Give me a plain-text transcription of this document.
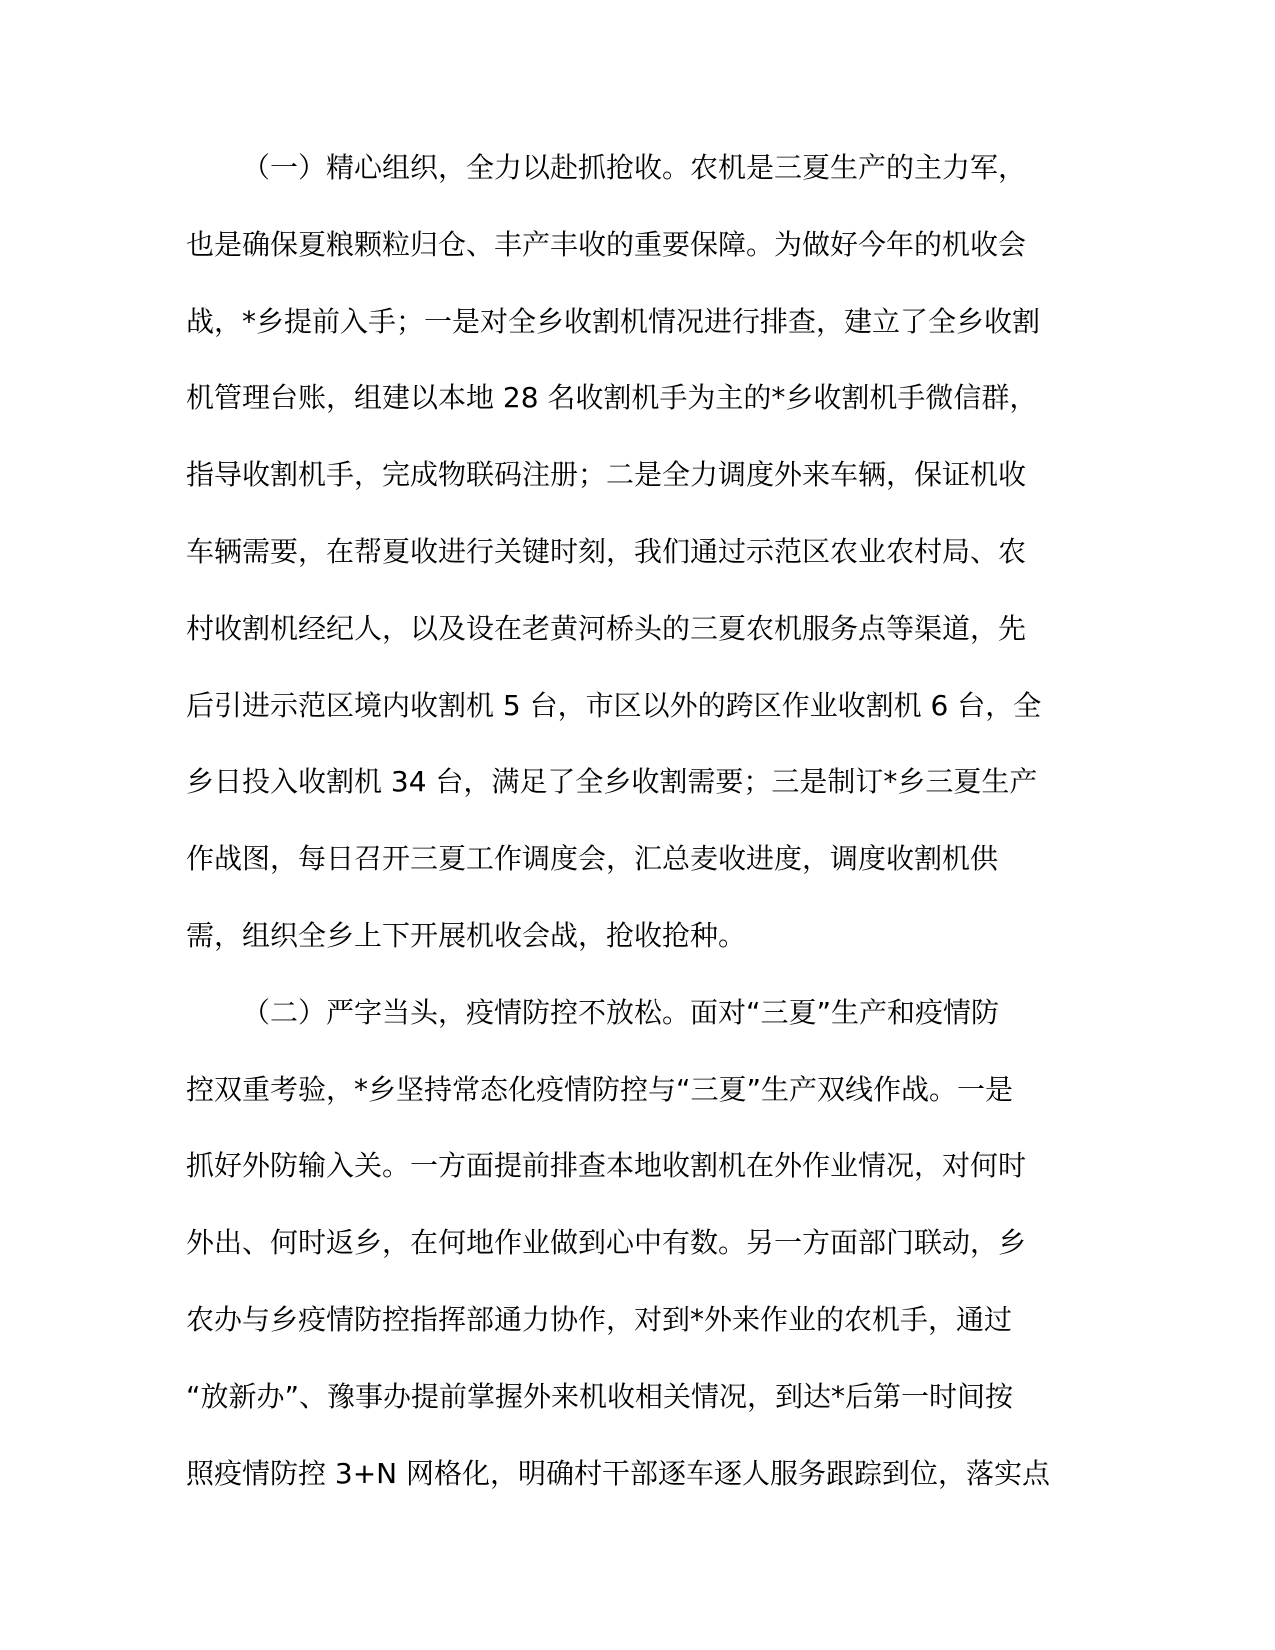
（一）精心组织，全力以赴抓抢收。农机是三夏生产的主力军，
也是确保夏粮颗粒归仓、丰产丰收的重要保障。为做好今年的机收会
战，*乡提前入手；一是对全乡收割机情况进行排查，建立了全乡收割
机管理台账，组建以本地 28 名收割机手为主的*乡收割机手微信群，
指导收割机手，完成物联码注册；二是全力调度外来车辆，保证机收
车辆需要，在帮夏收进行关键时刻，我们通过示范区农业农村局、农
村收割机经纪人，以及设在老黄河桥头的三夏农机服务点等渠道，先
后引进示范区境内收割机 5 台，市区以外的跨区作业收割机 6 台，全
乡日投入收割机 34 台，满足了全乡收割需要；三是制订*乡三夏生产
作战图，每日召开三夏工作调度会，汇总麦收进度，调度收割机供
需，组织全乡上下开展机收会战，抢收抢种。
（二）严字当头，疫情防控不放松。面对“三夏”生产和疫情防
控双重考验，*乡坚持常态化疫情防控与“三夏”生产双线作战。一是
抓好外防输入关。一方面提前排查本地收割机在外作业情况，对何时
外出、何时返乡，在何地作业做到心中有数。另一方面部门联动，乡
农办与乡疫情防控指挥部通力协作，对到*外来作业的农机手，通过
“放新办”、豫事办提前掌握外来机收相关情况，到达*后第一时间按
照疫情防控 3+N 网格化，明确村干部逐车逐人服务跟踪到位，落实点
